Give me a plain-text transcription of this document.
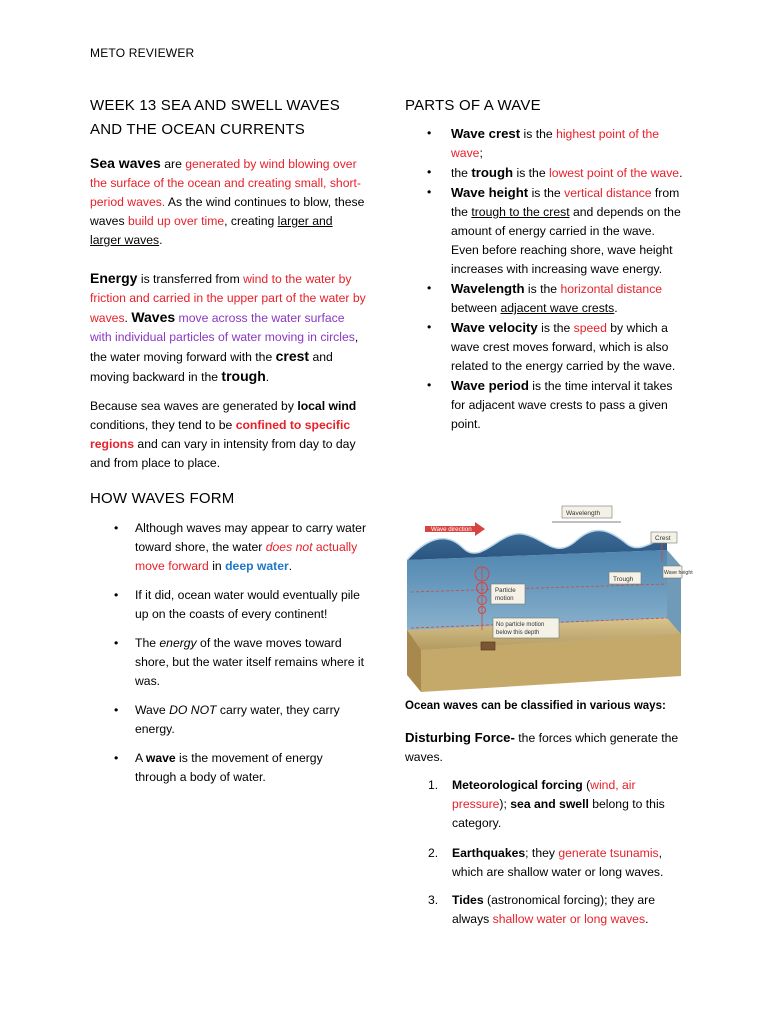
METO REVIEWER
WEEK 13 SEA AND SWELL WAVES
AND THE OCEAN CURRENTS

Sea waves are generated by wind blowing over the surface of the ocean and creating small, short-period waves. As the wind continues to blow, these waves build up over time, creating larger and larger waves.

Energy is transferred from wind to the water by friction and carried in the upper part of the water by waves. Waves move across the water surface with individual particles of water moving in circles, the water moving forward with the crest and moving backward in the trough.

Because sea waves are generated by local wind conditions, they tend to be confined to specific regions and can vary in intensity from day to day and from place to place.

HOW WAVES FORM
• Although waves may appear to carry water toward shore, the water does not actually move forward in deep water.
• If it did, ocean water would eventually pile up on the coasts of every continent!
• The energy of the wave moves toward shore, but the water itself remains where it was.
• Wave DO NOT carry water, they carry energy.
• A wave is the movement of energy through a body of water.
PARTS OF A WAVE
• Wave crest is the highest point of the wave;
• the trough is the lowest point of the wave.
• Wave height is the vertical distance from the trough to the crest and depends on the amount of energy carried in the wave. Even before reaching shore, wave height increases with increasing wave energy.
• Wavelength is the horizontal distance between adjacent wave crests.
• Wave velocity is the speed by which a wave crest moves forward, which is also related to the energy carried by the wave.
• Wave period is the time interval it takes for adjacent wave crests to pass a given point.
Wave direction
Wavelength
Crest
Trough
Wave height
Particle
motion
No particle motion
below this depth
Ocean waves can be classified in various ways:
Disturbing Force- the forces which generate the waves.
1. Meteorological forcing (wind, air pressure); sea and swell belong to this category.
2. Earthquakes; they generate tsunamis, which are shallow water or long waves.
3. Tides (astronomical forcing); they are always shallow water or long waves.
